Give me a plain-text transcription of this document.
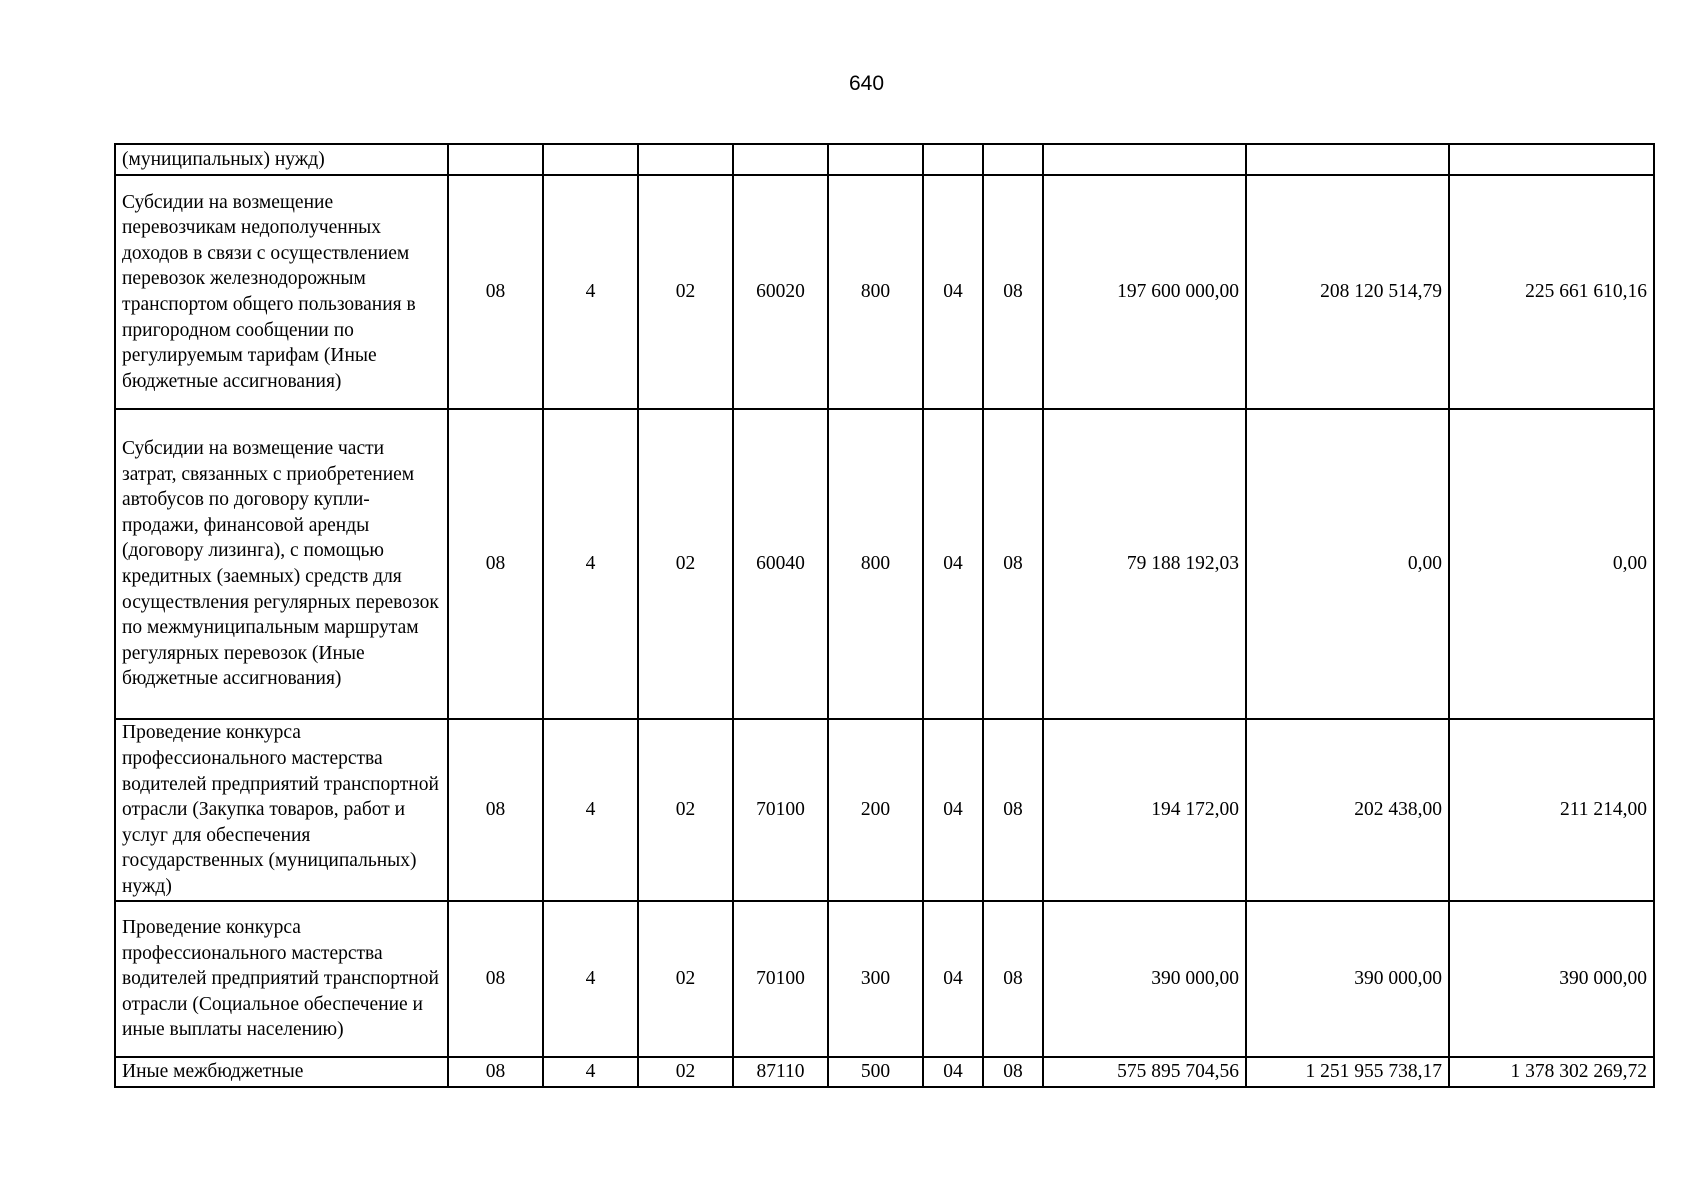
640
(муниципальных) нужд)										
Субсидии на возмещение перевозчикам недополученных доходов в связи с осуществлением перевозок железнодорожным транспортом общего пользования в пригородном сообщении по регулируемым тарифам (Иные бюджетные ассигнования)	08	4	02	60020	800	04	08	197 600 000,00	208 120 514,79	225 661 610,16
Субсидии на возмещение части затрат, связанных с приобретением автобусов по договору купли-продажи, финансовой аренды (договору лизинга), с помощью кредитных (заемных) средств для осуществления регулярных перевозок по межмуниципальным маршрутам регулярных перевозок (Иные бюджетные ассигнования)	08	4	02	60040	800	04	08	79 188 192,03	0,00	0,00
Проведение конкурса профессионального мастерства водителей предприятий транспортной отрасли (Закупка товаров, работ и услуг для обеспечения государственных (муниципальных) нужд)	08	4	02	70100	200	04	08	194 172,00	202 438,00	211 214,00
Проведение конкурса профессионального мастерства водителей предприятий транспортной отрасли (Социальное обеспечение и иные выплаты населению)	08	4	02	70100	300	04	08	390 000,00	390 000,00	390 000,00
Иные межбюджетные	08	4	02	87110	500	04	08	575 895 704,56	1 251 955 738,17	1 378 302 269,72
